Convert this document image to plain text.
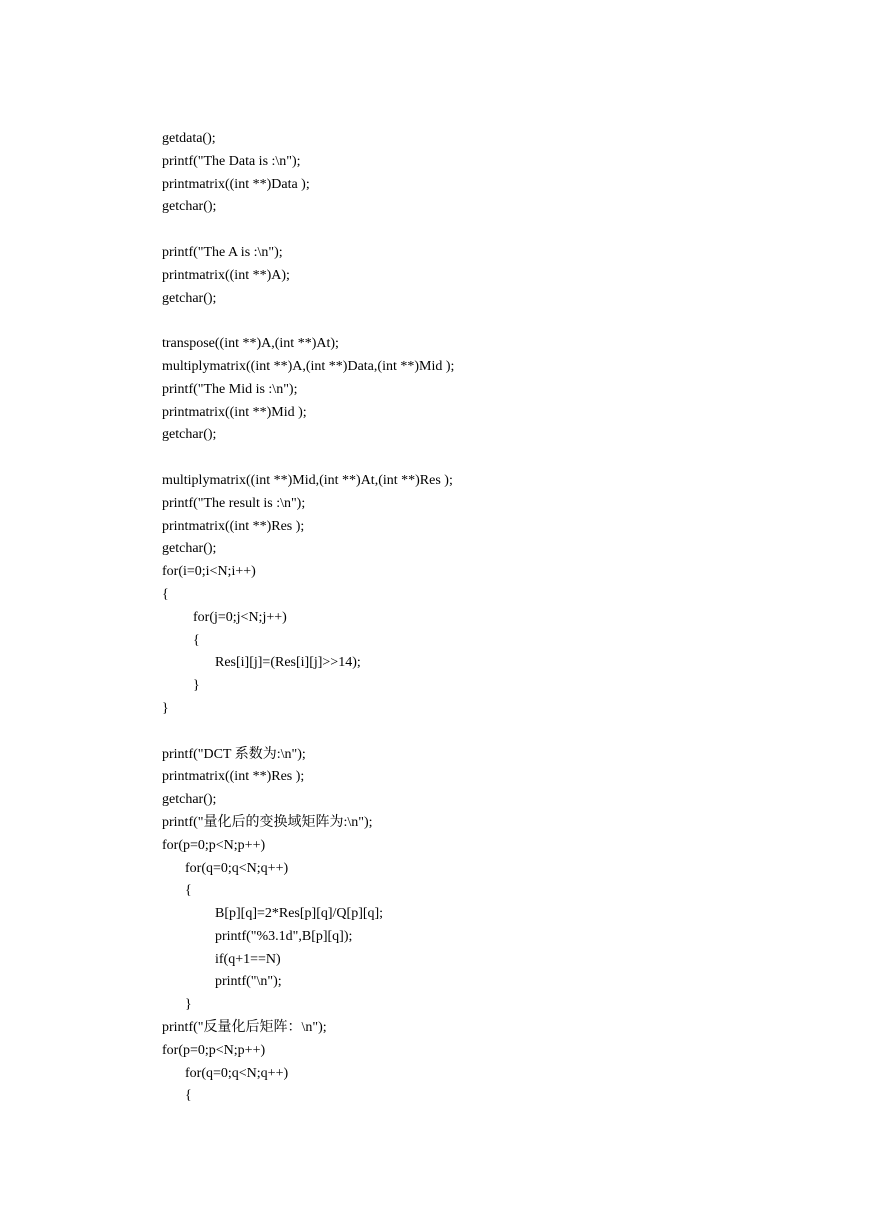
getdata();
printf("The Data is :\n");
printmatrix((int **)Data );
getchar();
printf("The A is :\n");
printmatrix((int **)A);
getchar();
transpose((int **)A,(int **)At);
multiplymatrix((int **)A,(int **)Data,(int **)Mid );
printf("The Mid is :\n");
printmatrix((int **)Mid );
getchar();
multiplymatrix((int **)Mid,(int **)At,(int **)Res );
printf("The result is :\n");
printmatrix((int **)Res );
getchar();
for(i=0;i<N;i++)
{
for(j=0;j<N;j++)
{
Res[i][j]=(Res[i][j]>>14);
}
}
printf("DCT 系数为:\n");
printmatrix((int **)Res );
getchar();
printf("量化后的变换域矩阵为:\n");
for(p=0;p<N;p++)
for(q=0;q<N;q++)
{
B[p][q]=2*Res[p][q]/Q[p][q];
printf("%3.1d",B[p][q]);
if(q+1==N)
printf("\n");
}
printf("反量化后矩阵：\n");
for(p=0;p<N;p++)
for(q=0;q<N;q++)
{
